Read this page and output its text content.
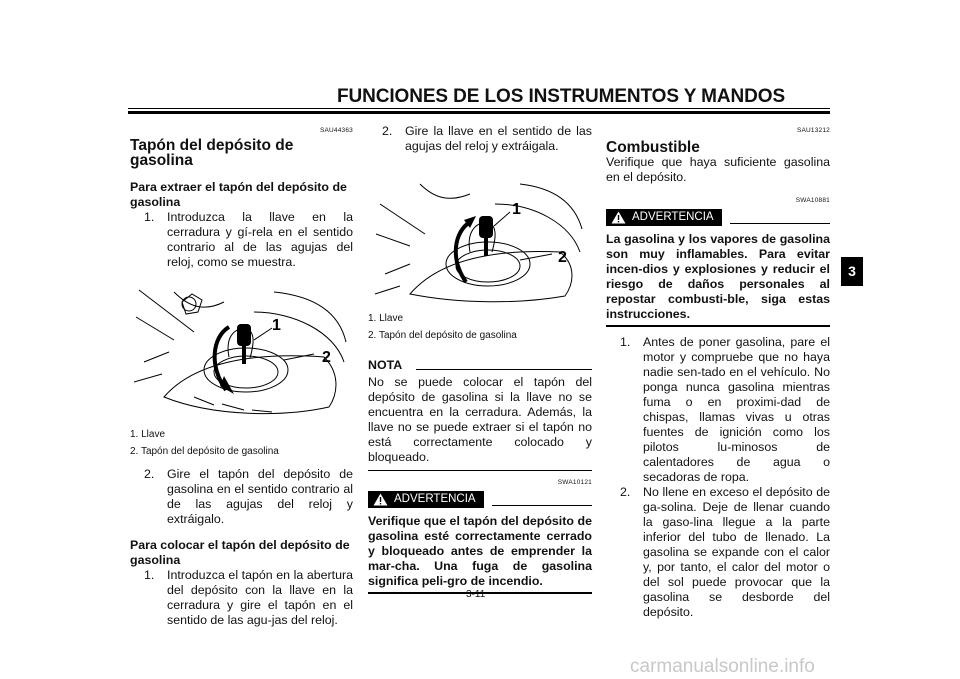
FUNCIONES DE LOS INSTRUMENTOS Y MANDOS
3
SAU44363
Tapón del depósito de gasolina
Para extraer el tapón del depósito de gasolina
1.	Introduzca la llave en la cerradura y gí-rela en el sentido contrario al de las agujas del reloj, como se muestra.
1
2
1. Llave
2. Tapón del depósito de gasolina
2.	Gire el tapón del depósito de gasolina en el sentido contrario al de las agujas del reloj y extráigalo.
Para colocar el tapón del depósito de gasolina
1.	Introduzca el tapón en la abertura del depósito con la llave en la cerradura y gire el tapón en el sentido de las agu-jas del reloj.
2.	Gire la llave en el sentido de las agujas del reloj y extráigala.
1
2
1. Llave
2. Tapón del depósito de gasolina
NOTA
No se puede colocar el tapón del depósito de gasolina si la llave no se encuentra en la cerradura. Además, la llave no se puede extraer si el tapón no está correctamente colocado y bloqueado.
SWA10121
ADVERTENCIA
Verifique que el tapón del depósito de gasolina esté correctamente cerrado y bloqueado antes de emprender la mar-cha. Una fuga de gasolina significa peli-gro de incendio.
SAU13212
Combustible
Verifique que haya suficiente gasolina en el depósito.
SWA10881
ADVERTENCIA
La gasolina y los vapores de gasolina son muy inflamables. Para evitar incen-dios y explosiones y reducir el riesgo de daños personales al repostar combusti-ble, siga estas instrucciones.
1.	Antes de poner gasolina, pare el motor y compruebe que no haya nadie sen-tado en el vehículo. No ponga nunca gasolina mientras fuma o en proximi-dad de chispas, llamas vivas u otras fuentes de ignición como los pilotos lu-minosos de calentadores de agua o secadoras de ropa.
2.	No llene en exceso el depósito de ga-solina. Deje de llenar cuando la gaso-lina llegue a la parte inferior del tubo de llenado. La gasolina se expande con el calor y, por tanto, el calor del motor o del sol puede provocar que la gasolina se desborde del depósito.
3-11
carmanualsonline.info
